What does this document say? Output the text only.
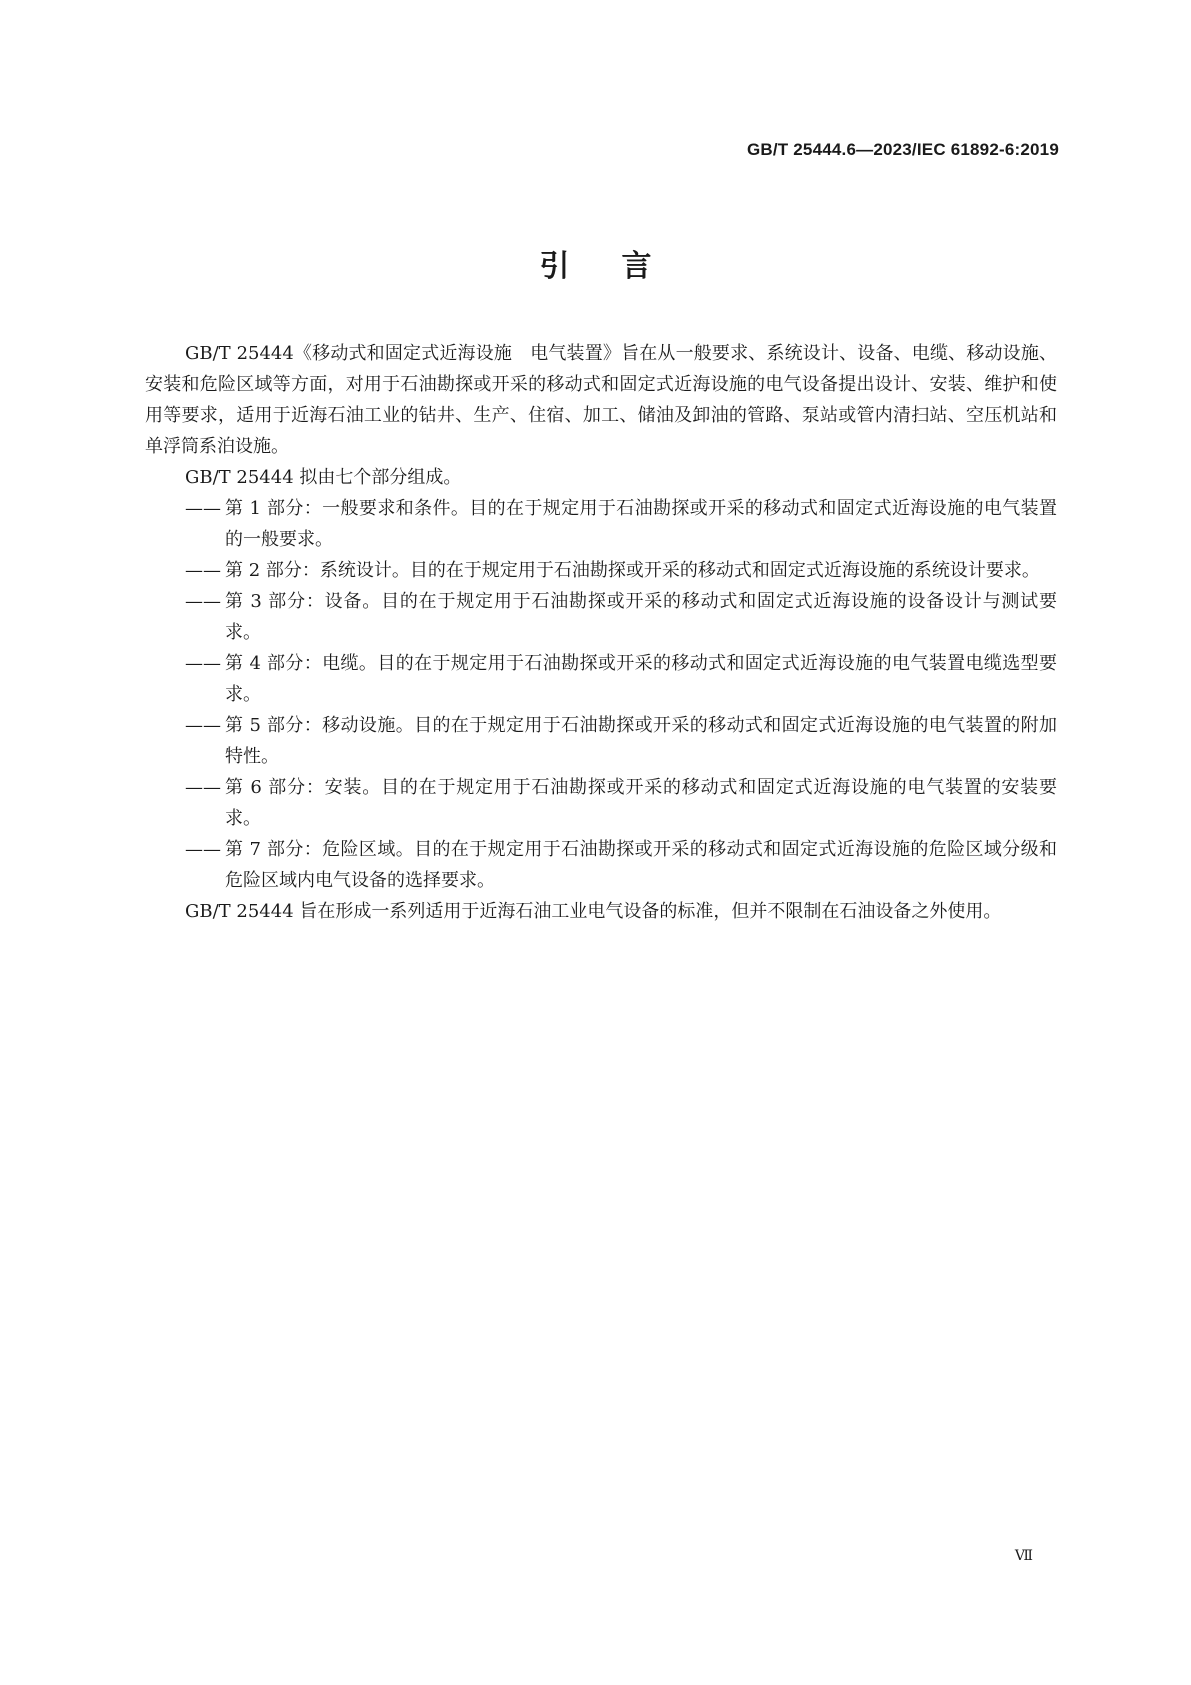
GB/T 25444.6—2023/IEC 61892-6:2019
引言

GB/T 25444《移动式和固定式近海设施　电气装置》旨在从一般要求、系统设计、设备、电缆、移动设施、安装和危险区域等方面，对用于石油勘探或开采的移动式和固定式近海设施的电气设备提出设计、安装、维护和使用等要求，适用于近海石油工业的钻井、生产、住宿、加工、储油及卸油的管路、泵站或管内清扫站、空压机站和单浮筒系泊设施。

GB/T 25444 拟由七个部分组成。

—— 第 1 部分：一般要求和条件。目的在于规定用于石油勘探或开采的移动式和固定式近海设施的电气装置的一般要求。
—— 第 2 部分：系统设计。目的在于规定用于石油勘探或开采的移动式和固定式近海设施的系统设计要求。
—— 第 3 部分：设备。目的在于规定用于石油勘探或开采的移动式和固定式近海设施的设备设计与测试要求。
—— 第 4 部分：电缆。目的在于规定用于石油勘探或开采的移动式和固定式近海设施的电气装置电缆选型要求。
—— 第 5 部分：移动设施。目的在于规定用于石油勘探或开采的移动式和固定式近海设施的电气装置的附加特性。
—— 第 6 部分：安装。目的在于规定用于石油勘探或开采的移动式和固定式近海设施的电气装置的安装要求。
—— 第 7 部分：危险区域。目的在于规定用于石油勘探或开采的移动式和固定式近海设施的危险区域分级和危险区域内电气设备的选择要求。

GB/T 25444 旨在形成一系列适用于近海石油工业电气设备的标准，但并不限制在石油设备之外使用。

Ⅶ
